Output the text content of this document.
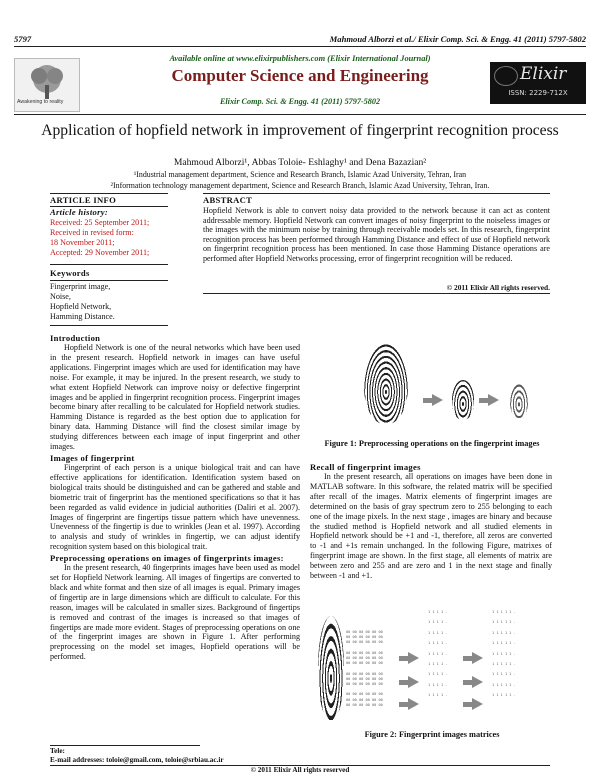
5797	Mahmoud Alborzi et al./ Elixir Comp. Sci. & Engg. 41 (2011) 5797-5802
Awakening to reality
Available online at www.elixirpublishers.com (Elixir International Journal)
Computer Science and Engineering
Elixir Comp. Sci. & Engg. 41 (2011) 5797-5802
Elixir
ISSN: 2229-712X
Application of hopfield network in improvement of fingerprint recognition process
Mahmoud Alborzi¹, Abbas Toloie- Eshlaghy¹ and Dena Bazazian²
¹Industrial management department, Science and Research Branch, Islamic Azad University, Tehran, Iran
²Information technology management department, Science and Research Branch, Islamic Azad University, Tehran, Iran.
ARTICLE INFO
Article history:
Received: 25 September 2011;
Received in revised form:
18 November 2011;
Accepted: 29 November 2011;
Keywords
Fingerprint image,
Noise,
Hopfield Network,
Hamming Distance.
ABSTRACT
Hopfield Network is able to convert noisy data provided to the network because it can act as content addressable memory. Hopfield Network can convert images of noisy fingerprint to the noiseless images or the images with the minimum noise by training through receivable models set. In this research, fingerprint recognition process has been performed through Hamming Distance and effect of use of Hopfield network on fingerprint recognition process has been mentioned. In case those Hamming Distance operations are performed after Hopfield Networks processing, error of fingerprint recognition will be reduced.
© 2011 Elixir All rights reserved.
Introduction
Hopfield Network is one of the neural networks which have been used in the present research. Hopfield network in images can have useful applications. Fingerprint images which are used for identification may have noise. For example, it may be injured. In the present research, we study to what extent Hopfield Network can improve noisy or defective fingerprint images and be applied in fingerprint recognition process. Fingerprint images become binary after recalling to be calculated for Hopfield network studies. Hamming Distance is regarded as the best option due to application for binary data. Hamming Distance will find the closest similar image by studying differences between each image of input fingerprint and other images.
Images of fingerprint
Fingerprint of each person is a unique biological trait and can have effective applications for identification. Identification system based on biological traits should be distinguished and can be gathered and stable and biometric trait of fingerprint has the mentioned specifications so that it has been regarded as valid evidence in judicial authorities (Daliri et al. 2007). Images of fingerprint are fingertips tissue pattern which have unevenness. Unevenness of the fingertip is due to wrinkles (Jean et al. 1997). According to analysis and study of wrinkles in fingertip, we can adjust identify recognition system based on this biological trait.
Preprocessing operations on images of fingerprints images:
In the present research, 40 fingerprints images have been used as model set for Hopfield Network learning. All images of fingertips are converted to black and white format and then size of all images is equal. Primary images of fingertip are in large dimensions which are difficult to calculate. For this reason, images will be calculated in smaller sizes. Background of fingertips is removed and contrast of the images is increased so that images of fingertips are made more evident. Stages of preprocessing operations on one of the fingerprint images are shown in Figure 1. After performing preprocessing on the model set images, Hopfield operations will be performed.
Figure 1: Preprocessing operations on the fingerprint images
Recall of fingerprint images
In the present research, all operations on images have been done in MATLAB software. In this software, the related matrix will be specified after recall of the images. Matrix elements of fingerprint images are determined on the basis of gray spectrum zero to 255 belonging to each one of the image pixels. In the next stage , images are binary and because the studied method is Hopfield network and all studied elements in Hopfield network should be +1 and -1, therefore, all zeros are converted to -1 and +1s remain unchanged. In the following Figure, matrixes of fingerprint image are shown. In the first stage, all elements of matrix are between zero and 255 and are zero and 1 in the next stage and finally between -1 and +1.
00 00 00 00 00 00
00 00 00 00 00 00
00 00 00 00 00 00

00 00 00 00 00 00
00 00 00 00 00 00
00 00 00 00 00 00

00 00 00 00 00 00
00 00 00 00 00 00
00 00 00 00 00 00

00 00 00 00 00 00
00 00 00 00 00 00
00 00 00 00 00 00
1 1 1 1 .

1 1 1 1 .

1 1 1 1 .

1 1 1 1 .

1 1 1 1 .

1 1 1 1 .

1 1 1 1 .

1 1 1 1 .

1 1 1 1 .
1 1 1 1 1 .

1 1 1 1 1 .

1 1 1 1 1 .

1 1 1 1 1 .

1 1 1 1 1 .

1 1 1 1 1 .

1 1 1 1 1 .

1 1 1 1 1 .

1 1 1 1 1 .
Figure 2: Fingerprint images matrices
Tele:
E-mail addresses: toloie@gmail.com, toloie@srbiau.ac.ir
© 2011 Elixir All rights reserved
